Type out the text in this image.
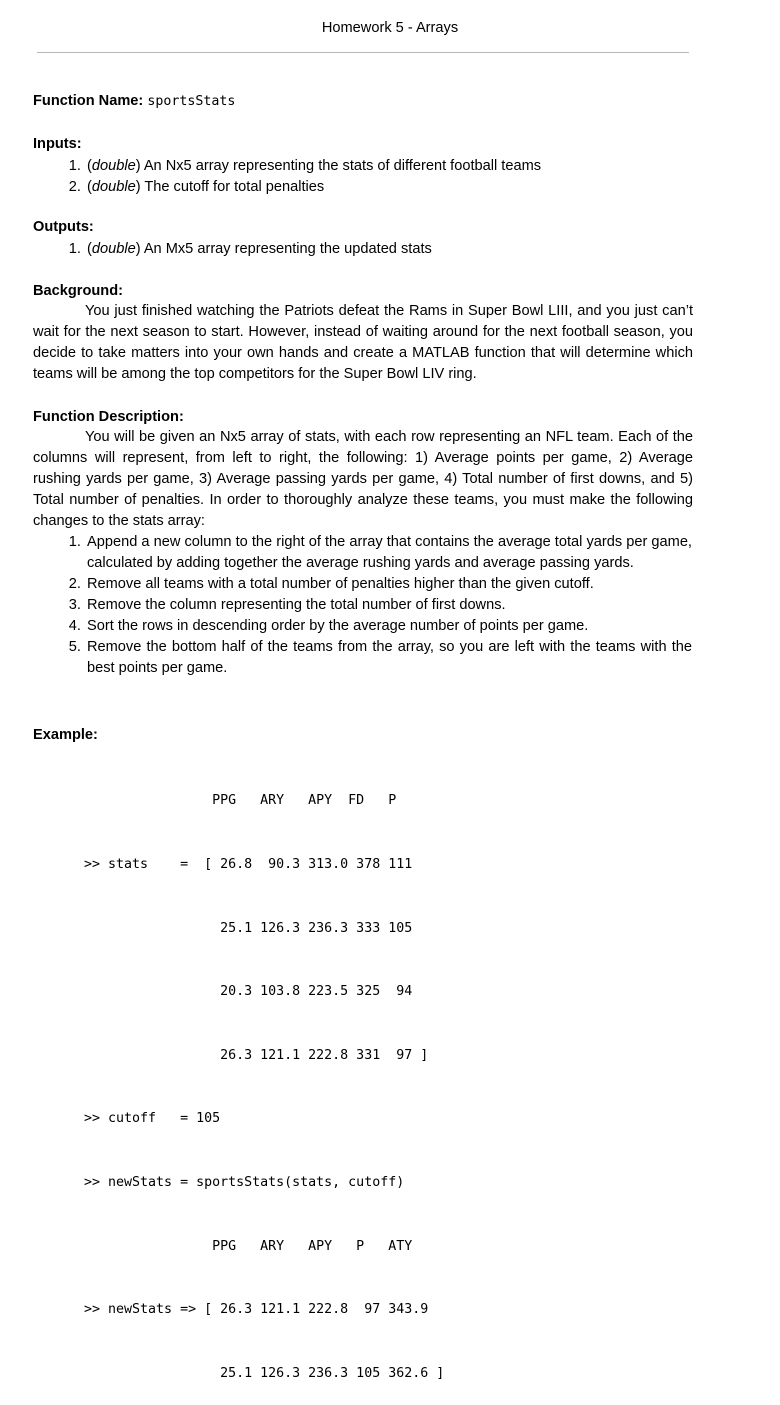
Homework 5 - Arrays
Function Name: sportsStats
Inputs:
1. (double) An Nx5 array representing the stats of different football teams
2. (double) The cutoff for total penalties
Outputs:
1. (double) An Mx5 array representing the updated stats
Background:
You just finished watching the Patriots defeat the Rams in Super Bowl LIII, and you just can’t wait for the next season to start. However, instead of waiting around for the next football season, you decide to take matters into your own hands and create a MATLAB function that will determine which teams will be among the top competitors for the Super Bowl LIV ring.
Function Description:
You will be given an Nx5 array of stats, with each row representing an NFL team. Each of the columns will represent, from left to right, the following: 1) Average points per game, 2) Average rushing yards per game, 3) Average passing yards per game, 4) Total number of first downs, and 5) Total number of penalties. In order to thoroughly analyze these teams, you must make the following changes to the stats array:
1. Append a new column to the right of the array that contains the average total yards per game, calculated by adding together the average rushing yards and average passing yards.
2. Remove all teams with a total number of penalties higher than the given cutoff.
3. Remove the column representing the total number of first downs.
4. Sort the rows in descending order by the average number of points per game.
5. Remove the bottom half of the teams from the array, so you are left with the teams with the best points per game.
Example:

PPG   ARY   APY  FD   P

>> stats    =  [ 26.8  90.3 313.0 378 111

25.1 126.3 236.3 333 105

20.3 103.8 223.5 325  94

26.3 121.1 222.8 331  97 ]

>> cutoff   = 105

>> newStats = sportsStats(stats, cutoff)

PPG   ARY   APY   P   ATY

>> newStats => [ 26.3 121.1 222.8  97 343.9

25.1 126.3 236.3 105 362.6 ]
